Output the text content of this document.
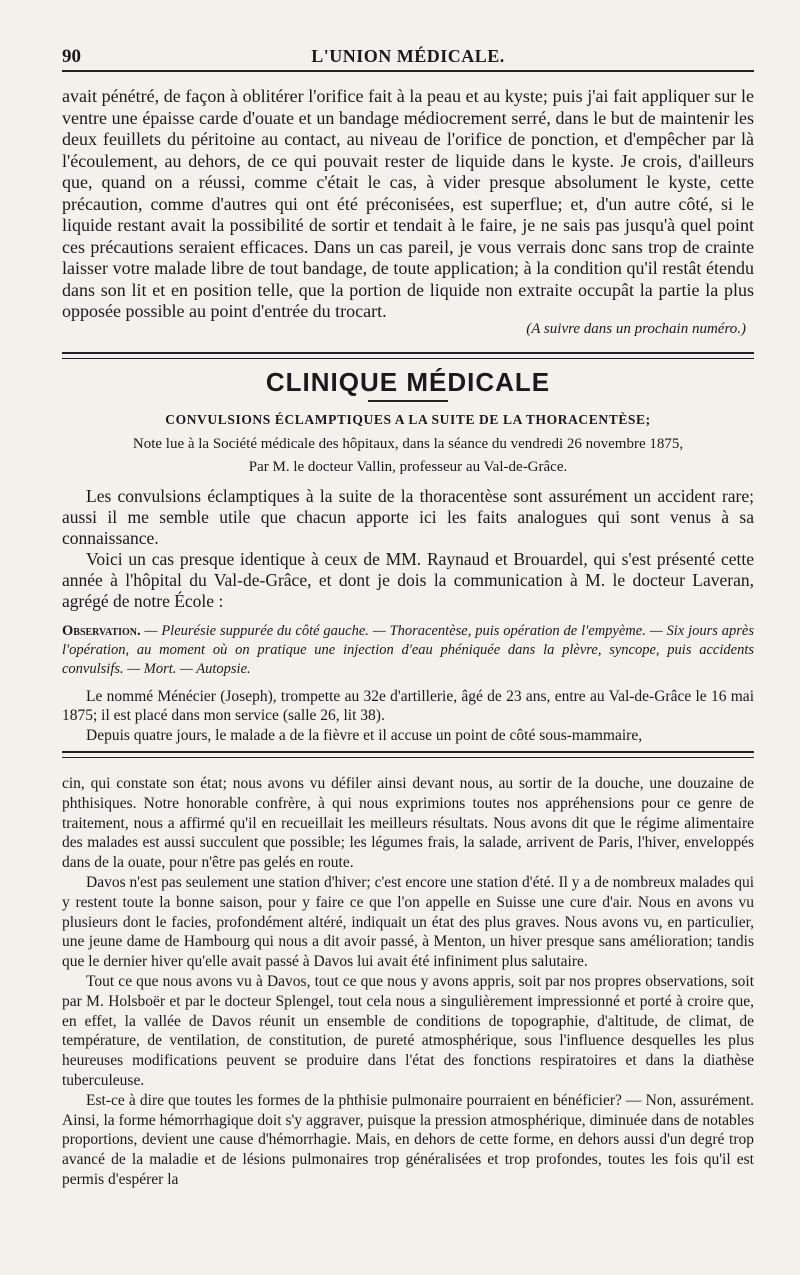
90	L'UNION MÉDICALE.

avait pénétré, de façon à oblitérer l'orifice fait à la peau et au kyste; puis j'ai fait appliquer sur le ventre une épaisse carde d'ouate et un bandage médiocrement serré, dans le but de maintenir les deux feuillets du péritoine au contact, au niveau de l'orifice de ponction, et d'empêcher par là l'écoulement, au dehors, de ce qui pouvait rester de liquide dans le kyste. Je crois, d'ailleurs que, quand on a réussi, comme c'était le cas, à vider presque absolument le kyste, cette précaution, comme d'autres qui ont été préconisées, est superflue; et, d'un autre côté, si le liquide restant avait la possibilité de sortir et tendait à le faire, je ne sais pas jusqu'à quel point ces précautions seraient efficaces. Dans un cas pareil, je vous verrais donc sans trop de crainte laisser votre malade libre de tout bandage, de toute application; à la condition qu'il restât étendu dans son lit et en position telle, que la portion de liquide non extraite occupât la partie la plus opposée possible au point d'entrée du trocart.

(A suivre dans un prochain numéro.)
CLINIQUE MÉDICALE
CONVULSIONS ÉCLAMPTIQUES A LA SUITE DE LA THORACENTÈSE;
Note lue à la Société médicale des hôpitaux, dans la séance du vendredi 26 novembre 1875,
Par M. le docteur Vallin, professeur au Val-de-Grâce.

Les convulsions éclamptiques à la suite de la thoracentèse sont assurément un accident rare; aussi il me semble utile que chacun apporte ici les faits analogues qui sont venus à sa connaissance.

Voici un cas presque identique à ceux de MM. Raynaud et Brouardel, qui s'est présenté cette année à l'hôpital du Val-de-Grâce, et dont je dois la communication à M. le docteur Laveran, agrégé de notre École :

Observation. — Pleurésie suppurée du côté gauche. — Thoracentèse, puis opération de l'empyème. — Six jours après l'opération, au moment où on pratique une injection d'eau phéniquée dans la plèvre, syncope, puis accidents convulsifs. — Mort. — Autopsie.

Le nommé Ménécier (Joseph), trompette au 32e d'artillerie, âgé de 23 ans, entre au Val-de-Grâce le 16 mai 1875; il est placé dans mon service (salle 26, lit 38).

Depuis quatre jours, le malade a de la fièvre et il accuse un point de côté sous-mammaire,

cin, qui constate son état; nous avons vu défiler ainsi devant nous, au sortir de la douche, une douzaine de phthisiques. Notre honorable confrère, à qui nous exprimions toutes nos appréhensions pour ce genre de traitement, nous a affirmé qu'il en recueillait les meilleurs résultats. Nous avons dit que le régime alimentaire des malades est aussi succulent que possible; les légumes frais, la salade, arrivent de Paris, l'hiver, enveloppés dans de la ouate, pour n'être pas gelés en route.

Davos n'est pas seulement une station d'hiver; c'est encore une station d'été. Il y a de nombreux malades qui y restent toute la bonne saison, pour y faire ce que l'on appelle en Suisse une cure d'air. Nous en avons vu plusieurs dont le facies, profondément altéré, indiquait un état des plus graves. Nous avons vu, en particulier, une jeune dame de Hambourg qui nous a dit avoir passé, à Menton, un hiver presque sans amélioration; tandis que le dernier hiver qu'elle avait passé à Davos lui avait été infiniment plus salutaire.

Tout ce que nous avons vu à Davos, tout ce que nous y avons appris, soit par nos propres observations, soit par M. Holsboër et par le docteur Splengel, tout cela nous a singulièrement impressionné et porté à croire que, en effet, la vallée de Davos réunit un ensemble de conditions de topographie, d'altitude, de climat, de température, de ventilation, de constitution, de pureté atmosphérique, sous l'influence desquelles les plus heureuses modifications peuvent se produire dans l'état des fonctions respiratoires et dans la diathèse tuberculeuse.

Est-ce à dire que toutes les formes de la phthisie pulmonaire pourraient en bénéficier? — Non, assurément. Ainsi, la forme hémorrhagique doit s'y aggraver, puisque la pression atmosphérique, diminuée dans de notables proportions, devient une cause d'hémorrhagie. Mais, en dehors de cette forme, en dehors aussi d'un degré trop avancé de la maladie et de lésions pulmonaires trop généralisées et trop profondes, toutes les fois qu'il est permis d'espérer la
